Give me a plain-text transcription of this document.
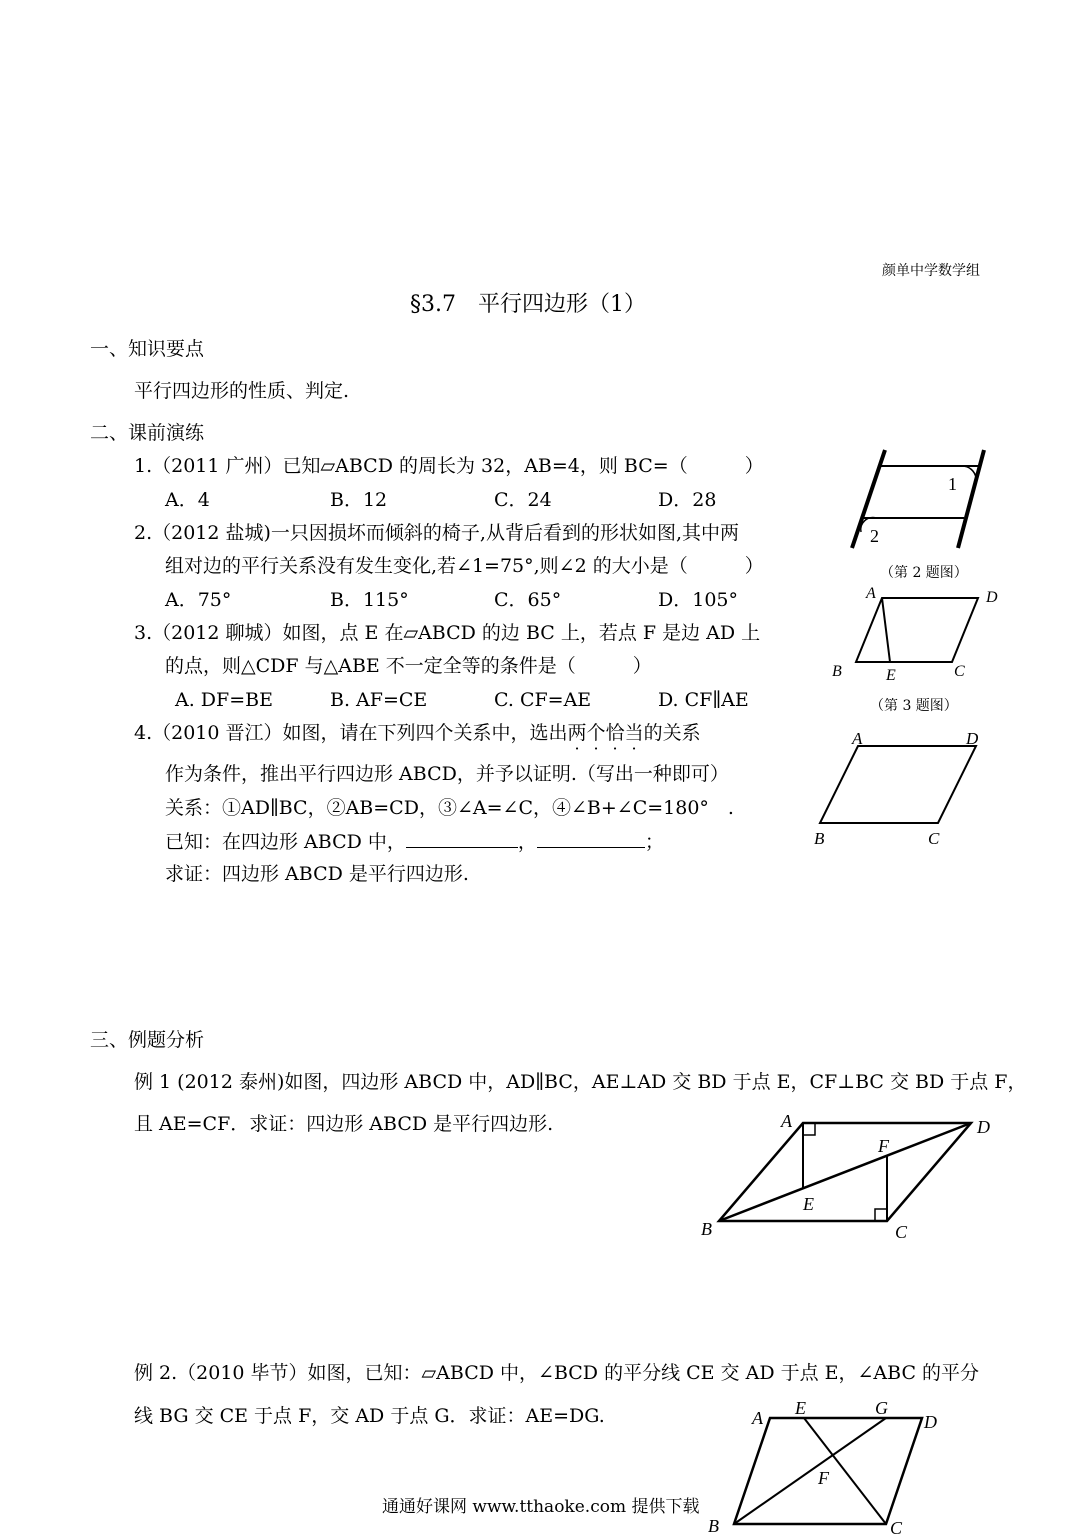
颜单中学数学组
§3.7　平行四边形（1）
一、知识要点
平行四边形的性质、判定.
二、课前演练
1.（2011 广州）已知▱ABCD 的周长为 32，AB=4，则 BC=（　　　）
A．4	B．12	C．24	D．28
2.（2012 盐城)一只因损坏而倾斜的椅子,从背后看到的形状如图,其中两
组对边的平行关系没有发生变化,若∠1=75°,则∠2 的大小是（　　　）
A．75°	B．115°	C．65°	D．105°
3.（2012 聊城）如图，点 E 在▱ABCD 的边 BC 上，若点 F 是边 AD 上
的点，则△CDF 与△ABE 不一定全等的条件是（　　　）
A. DF=BE	B. AF=CE	C. CF=AE	D. CF∥AE
4.（2010 晋江）如图，请在下列四个关系中，选出两个恰当的关系
作为条件，推出平行四边形 ABCD，并予以证明.（写出一种即可）
关系：①AD∥BC，②AB=CD，③∠A=∠C，④∠B+∠C=180°　.
已知：在四边形 ABCD 中，	，	；
求证：四边形 ABCD 是平行四边形.
1
2
（第 2 题图）
A	D
B	E	C
（第 3 题图）
A	D
B	C
三、例题分析
例 1 (2012 泰州)如图，四边形 ABCD 中，AD∥BC，AE⊥AD 交 BD 于点 E，CF⊥BC 交 BD 于点 F，
且 AE=CF．求证：四边形 ABCD 是平行四边形.	A	D
F
E
B	C
例 2.（2010 毕节）如图，已知：▱ABCD 中，∠BCD 的平分线 CE 交 AD 于点 E，∠ABC 的平分
线 BG 交 CE 于点 F，交 AD 于点 G．求证：AE=DG.	A E	G
D
F
B	C
通通好课网 www.tthaoke.com 提供下载
